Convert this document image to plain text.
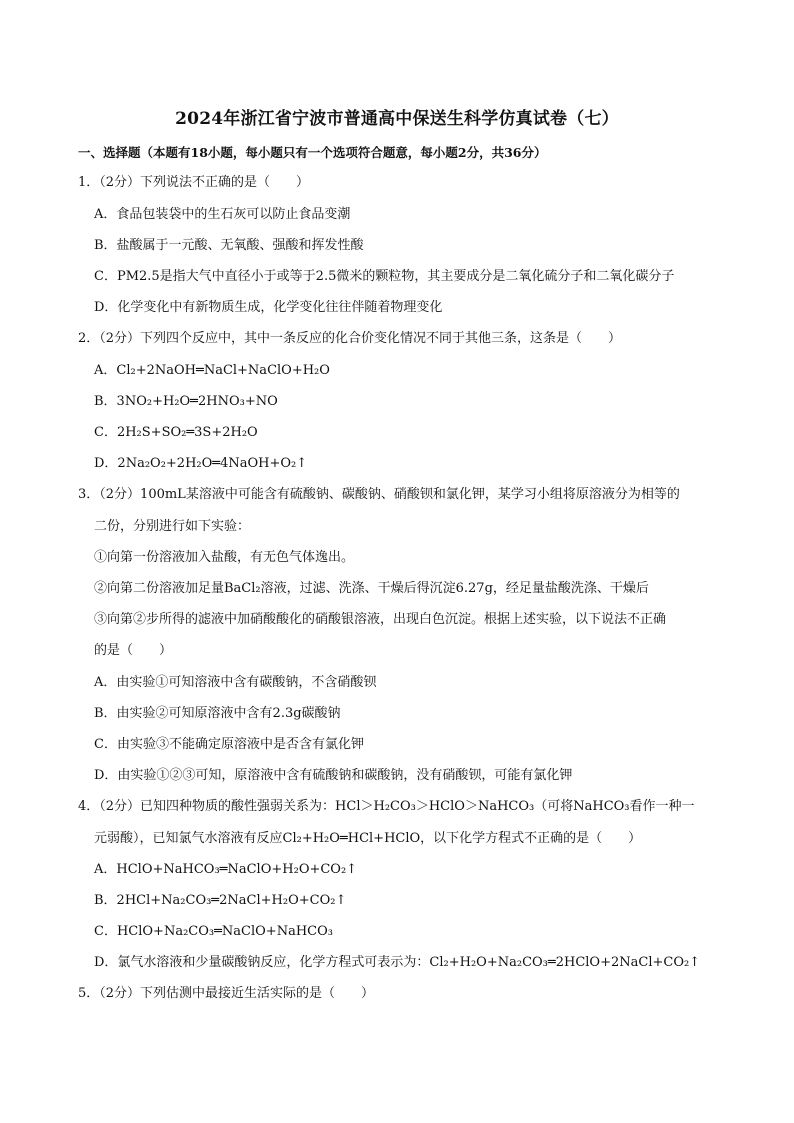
2024年浙江省宁波市普通高中保送生科学仿真试卷（七）
一、选择题（本题有18小题，每小题只有一个选项符合题意，每小题2分，共36分）
1．（2分）下列说法不正确的是（　　）
A．食品包装袋中的生石灰可以防止食品变潮
B．盐酸属于一元酸、无氧酸、强酸和挥发性酸
C．PM2.5是指大气中直径小于或等于2.5微米的颗粒物，其主要成分是二氧化硫分子和二氧化碳分子
D．化学变化中有新物质生成，化学变化往往伴随着物理变化
2．（2分）下列四个反应中，其中一条反应的化合价变化情况不同于其他三条，这条是（　　）
A．Cl₂+2NaOH═NaCl+NaClO+H₂O
B．3NO₂+H₂O═2HNO₃+NO
C．2H₂S+SO₂═3S+2H₂O
D．2Na₂O₂+2H₂O═4NaOH+O₂↑
3．（2分）100mL某溶液中可能含有硫酸钠、碳酸钠、硝酸钡和氯化钾，某学习小组将原溶液分为相等的
二份，分别进行如下实验：
①向第一份溶液加入盐酸，有无色气体逸出。
②向第二份溶液加足量BaCl₂溶液，过滤、洗涤、干燥后得沉淀6.27g，经足量盐酸洗涤、干燥后
③向第②步所得的滤液中加硝酸酸化的硝酸银溶液，出现白色沉淀。根据上述实验，以下说法不正确
的是（　　）
A．由实验①可知溶液中含有碳酸钠，不含硝酸钡
B．由实验②可知原溶液中含有2.3g碳酸钠
C．由实验③不能确定原溶液中是否含有氯化钾
D．由实验①②③可知，原溶液中含有硫酸钠和碳酸钠，没有硝酸钡，可能有氯化钾
4．（2分）已知四种物质的酸性强弱关系为：HCl＞H₂CO₃＞HClO＞NaHCO₃（可将NaHCO₃看作一种一
元弱酸），已知氯气水溶液有反应Cl₂+H₂O═HCl+HClO，以下化学方程式不正确的是（　　）
A．HClO+NaHCO₃═NaClO+H₂O+CO₂↑
B．2HCl+Na₂CO₃═2NaCl+H₂O+CO₂↑
C．HClO+Na₂CO₃═NaClO+NaHCO₃
D．氯气水溶液和少量碳酸钠反应，化学方程式可表示为：Cl₂+H₂O+Na₂CO₃═2HClO+2NaCl+CO₂↑
5．（2分）下列估测中最接近生活实际的是（　　）
